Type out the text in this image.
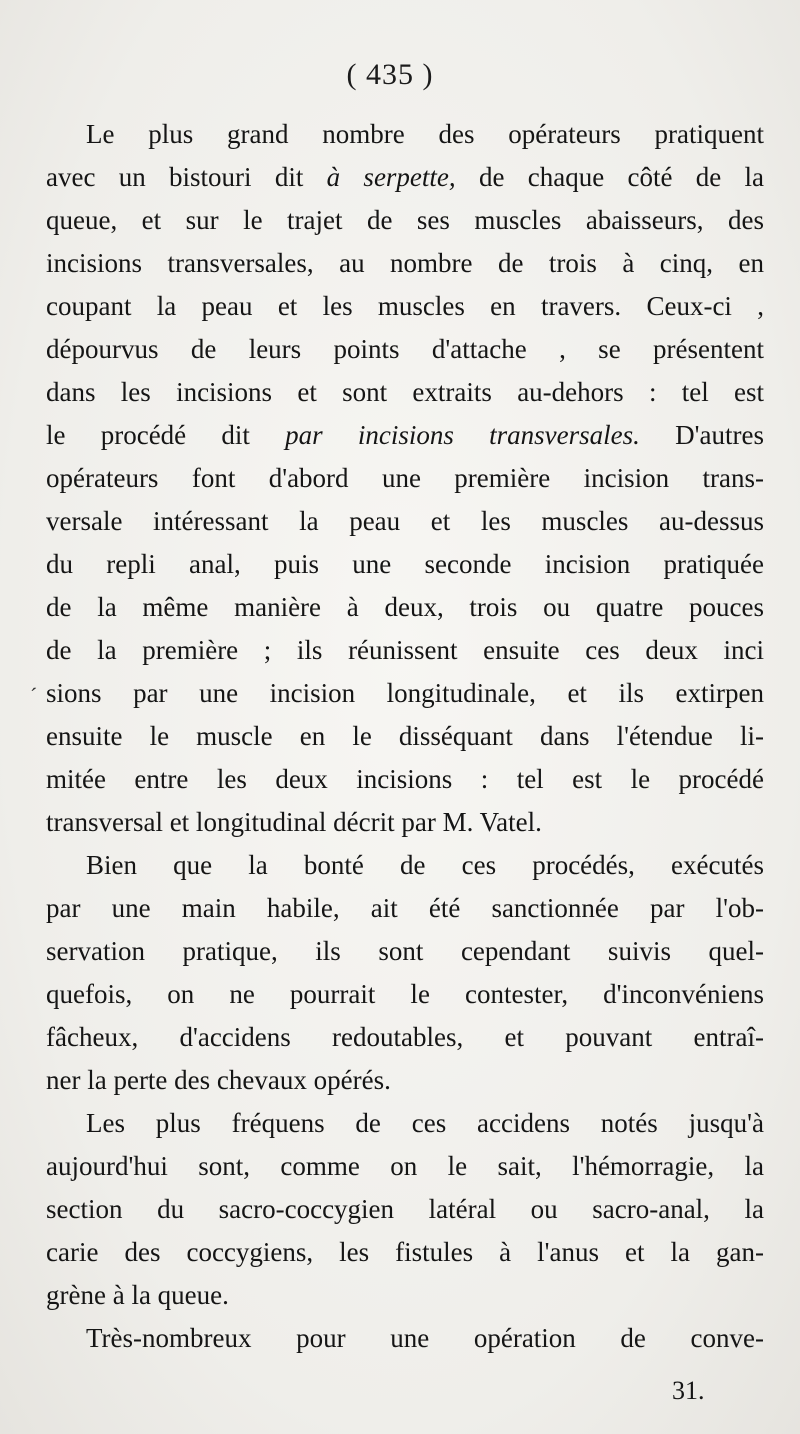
( 435 )
Le plus grand nombre des opérateurs pratiquent
avec un bistouri dit à serpette, de chaque côté de la
queue, et sur le trajet de ses muscles abaisseurs, des
incisions transversales, au nombre de trois à cinq, en
coupant la peau et les muscles en travers. Ceux-ci ,
dépourvus de leurs points d'attache , se présentent
dans les incisions et sont extraits au-dehors : tel est
le procédé dit par incisions transversales. D'autres
opérateurs font d'abord une première incision trans-
versale intéressant la peau et les muscles au-dessus
du repli anal, puis une seconde incision pratiquée
de la même manière à deux, trois ou quatre pouces
de la première ; ils réunissent ensuite ces deux inci
sions par une incision longitudinale, et ils extirpen
ensuite le muscle en le disséquant dans l'étendue li-
mitée entre les deux incisions : tel est le procédé
transversal et longitudinal décrit par M. Vatel.
Bien que la bonté de ces procédés, exécutés
par une main habile, ait été sanctionnée par l'ob-
servation pratique, ils sont cependant suivis quel-
quefois, on ne pourrait le contester, d'inconvéniens
fâcheux, d'accidens redoutables, et pouvant entraî-
ner la perte des chevaux opérés.
Les plus fréquens de ces accidens notés jusqu'à
aujourd'hui sont, comme on le sait, l'hémorragie, la
section du sacro-coccygien latéral ou sacro-anal, la
carie des coccygiens, les fistules à l'anus et la gan-
grène à la queue.
Très-nombreux pour une opération de conve-
´
31.
